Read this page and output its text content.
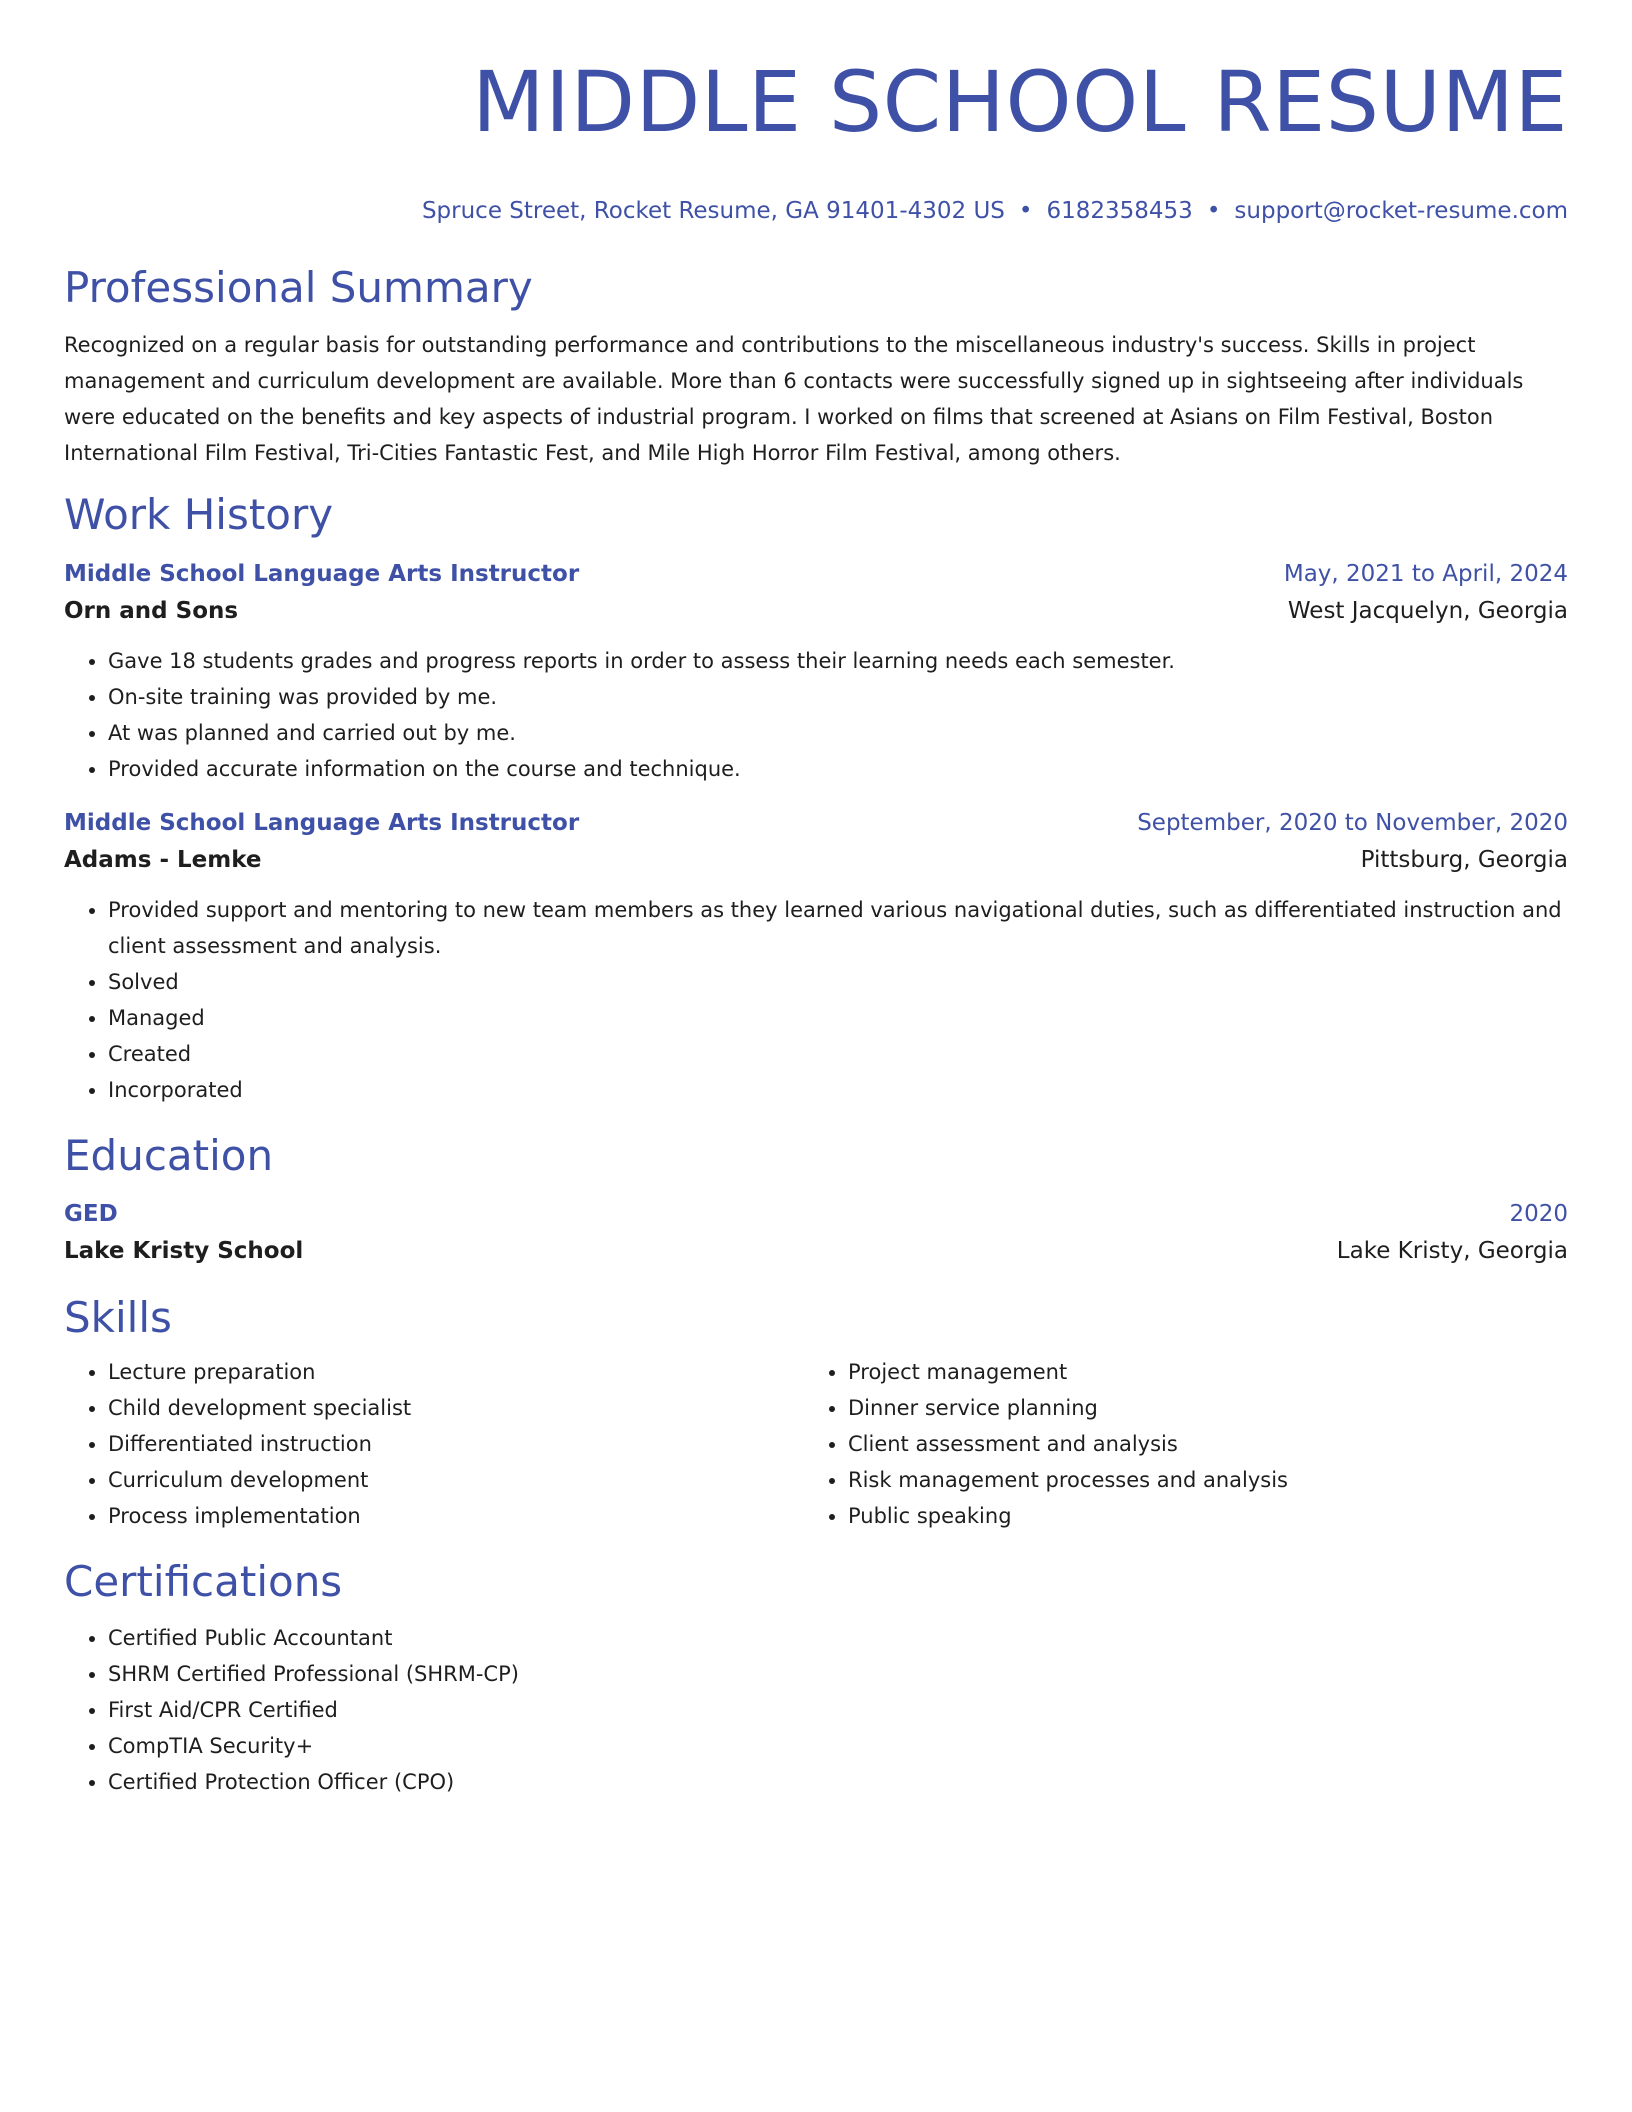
MIDDLE SCHOOL RESUME
Spruce Street, Rocket Resume, GA 91401-4302 US • 6182358453 • support@rocket-resume.com
Professional Summary
Recognized on a regular basis for outstanding performance and contributions to the miscellaneous industry's success. Skills in project management and curriculum development are available. More than 6 contacts were successfully signed up in sightseeing after individuals were educated on the benefits and key aspects of industrial program. I worked on films that screened at Asians on Film Festival, Boston International Film Festival, Tri-Cities Fantastic Fest, and Mile High Horror Film Festival, among others.
Work History
Middle School Language Arts Instructor	May, 2021 to April, 2024
Orn and Sons	West Jacquelyn, Georgia
• Gave 18 students grades and progress reports in order to assess their learning needs each semester.
• On-site training was provided by me.
• At was planned and carried out by me.
• Provided accurate information on the course and technique.
Middle School Language Arts Instructor	September, 2020 to November, 2020
Adams - Lemke	Pittsburg, Georgia
• Provided support and mentoring to new team members as they learned various navigational duties, such as differentiated instruction and client assessment and analysis.
• Solved
• Managed
• Created
• Incorporated
Education
GED	2020
Lake Kristy School	Lake Kristy, Georgia
Skills
• Lecture preparation
• Child development specialist
• Differentiated instruction
• Curriculum development
• Process implementation
• Project management
• Dinner service planning
• Client assessment and analysis
• Risk management processes and analysis
• Public speaking
Certifications
• Certified Public Accountant
• SHRM Certified Professional (SHRM-CP)
• First Aid/CPR Certified
• CompTIA Security+
• Certified Protection Officer (CPO)
